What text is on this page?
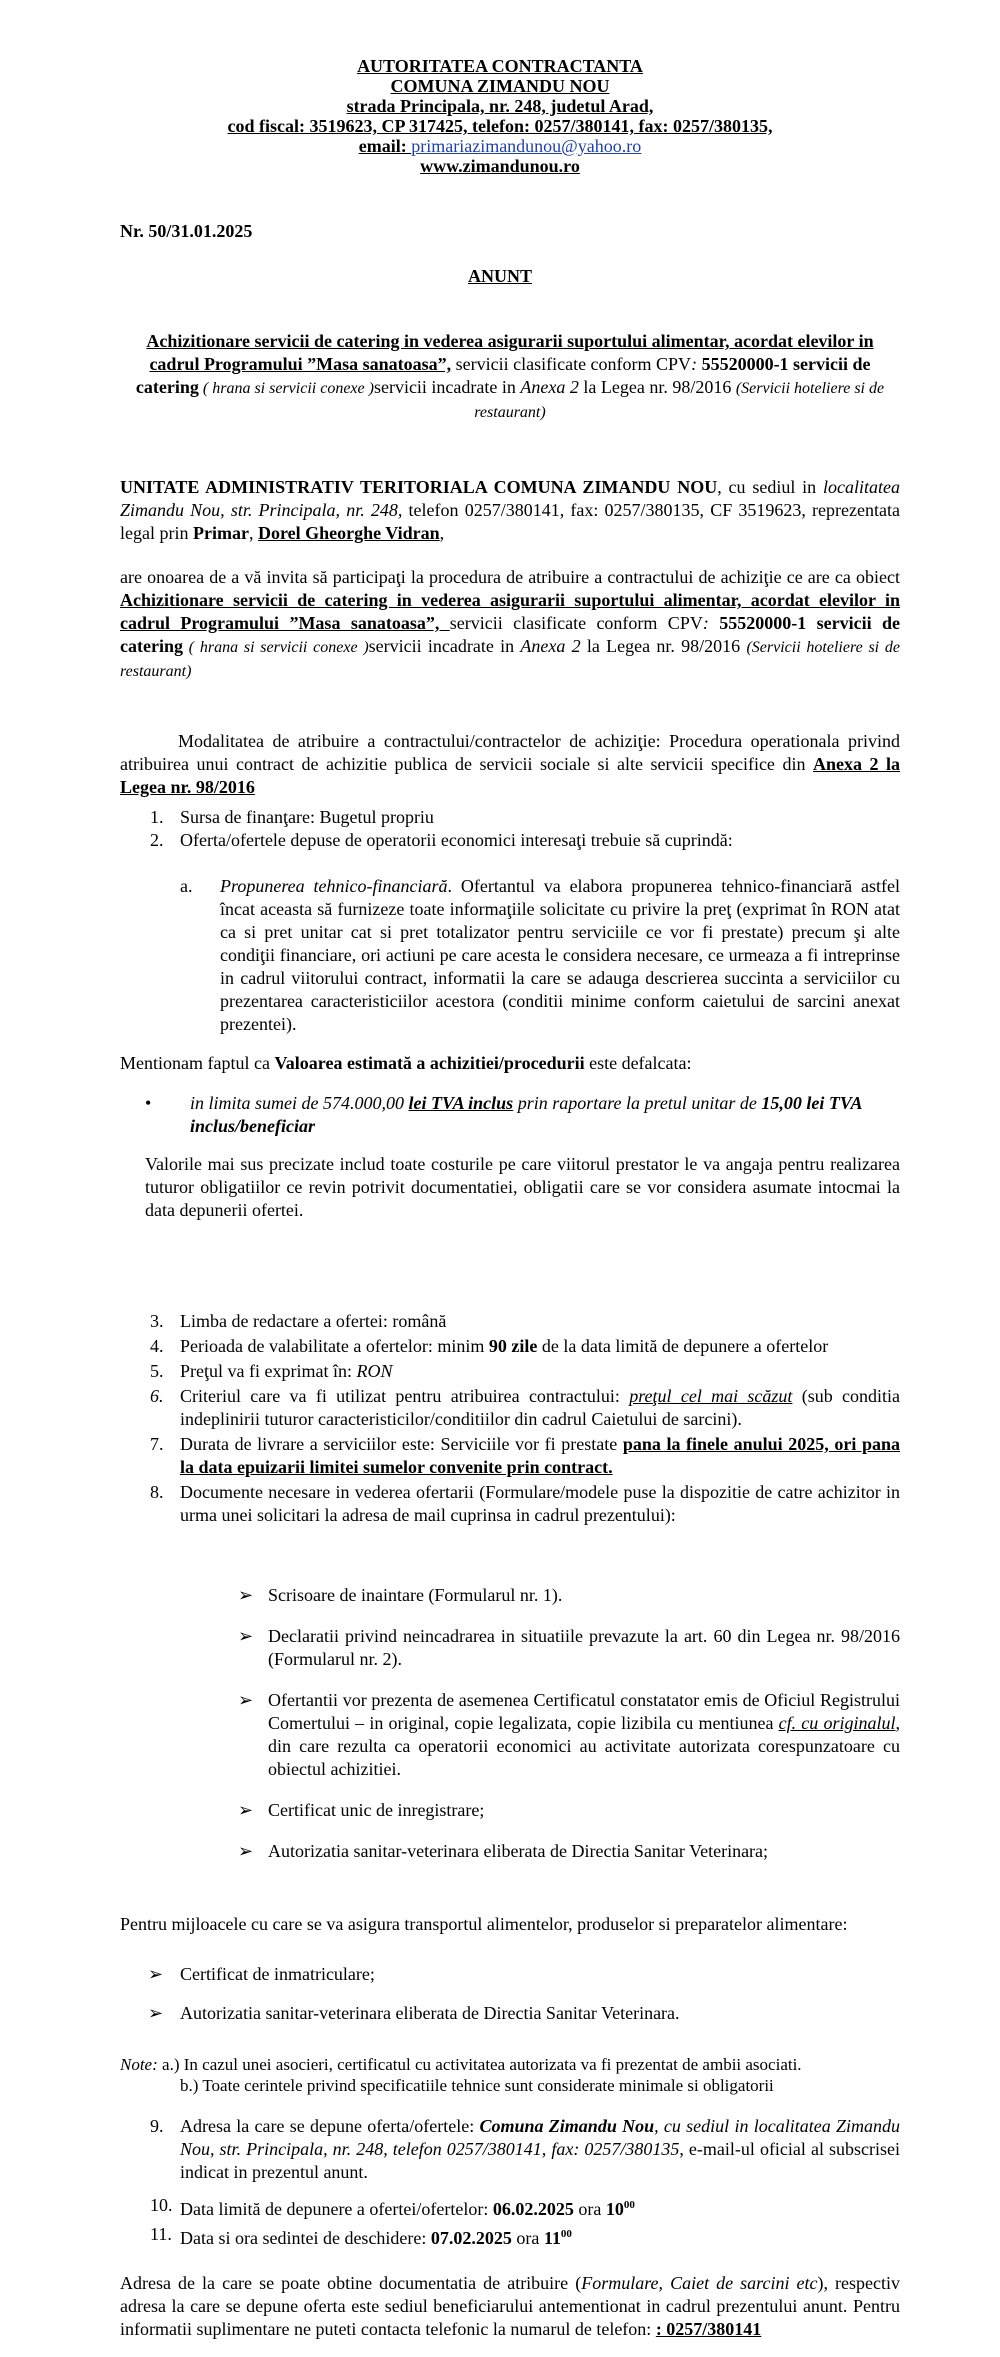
AUTORITATEA CONTRACTANTA

COMUNA ZIMANDU NOU

strada Principala, nr. 248, judetul Arad,

cod fiscal: 3519623, CP 317425, telefon: 0257/380141, fax: 0257/380135,

email: primariazimandunou@yahoo.ro

www.zimandunou.ro

Nr. 50/31.01.2025

ANUNT

Achizitionare servicii de catering in vederea asigurarii suportului alimentar, acordat elevilor in cadrul Programului ”Masa sanatoasa”, servicii clasificate conform CPV: 55520000-1 servicii de catering ( hrana si servicii conexe )servicii incadrate in Anexa 2 la Legea nr. 98/2016 (Servicii hoteliere si de restaurant)

UNITATE ADMINISTRATIV TERITORIALA COMUNA ZIMANDU NOU, cu sediul in localitatea Zimandu Nou, str. Principala, nr. 248, telefon 0257/380141, fax: 0257/380135, CF 3519623, reprezentata legal prin Primar, Dorel Gheorghe Vidran,

are onoarea de a vă invita să participaţi la procedura de atribuire a contractului de achiziţie ce are ca obiect Achizitionare servicii de catering in vederea asigurarii suportului alimentar, acordat elevilor in cadrul Programului ”Masa sanatoasa”, servicii clasificate conform CPV: 55520000-1 servicii de catering ( hrana si servicii conexe )servicii incadrate in Anexa 2 la Legea nr. 98/2016 (Servicii hoteliere si de restaurant)

Modalitatea de atribuire a contractului/contractelor de achiziţie: Procedura operationala privind atribuirea unui contract de achizitie publica de servicii sociale si alte servicii specifice din Anexa 2 la Legea nr. 98/2016

1. Sursa de finanţare: Bugetul propriu
2. Oferta/ofertele depuse de operatorii economici interesaţi trebuie să cuprindă:
a. Propunerea tehnico-financiară. Ofertantul va elabora propunerea tehnico-financiară astfel încat aceasta să furnizeze toate informaţiile solicitate cu privire la preţ (exprimat în RON atat ca si pret unitar cat si pret totalizator pentru serviciile ce vor fi prestate) precum şi alte condiţii financiare, ori actiuni pe care acesta le considera necesare, ce urmeaza a fi intreprinse in cadrul viitorului contract, informatii la care se adauga descrierea succinta a serviciilor cu prezentarea caracteristiciilor acestora (conditii minime conform caietului de sarcini anexat prezentei).

Mentionam faptul ca Valoarea estimată a achizitiei/procedurii este defalcata:

• in limita sumei de 574.000,00 lei TVA inclus prin raportare la pretul unitar de 15,00 lei TVA inclus/beneficiar

Valorile mai sus precizate includ toate costurile pe care viitorul prestator le va angaja pentru realizarea tuturor obligatiilor ce revin potrivit documentatiei, obligatii care se vor considera asumate intocmai la data depunerii ofertei.

3. Limba de redactare a ofertei: română
4. Perioada de valabilitate a ofertelor: minim 90 zile de la data limită de depunere a ofertelor
5. Preţul va fi exprimat în: RON
6. Criteriul care va fi utilizat pentru atribuirea contractului: preţul cel mai scăzut (sub conditia indeplinirii tuturor caracteristicilor/conditiilor din cadrul Caietului de sarcini).
7. Durata de livrare a serviciilor este: Serviciile vor fi prestate pana la finele anului 2025, ori pana la data epuizarii limitei sumelor convenite prin contract.
8. Documente necesare in vederea ofertarii (Formulare/modele puse la dispozitie de catre achizitor in urma unei solicitari la adresa de mail cuprinsa in cadrul prezentului):
➢ Scrisoare de inaintare (Formularul nr. 1).
➢ Declaratii privind neincadrarea in situatiile prevazute la art. 60 din Legea nr. 98/2016 (Formularul nr. 2).
➢ Ofertantii vor prezenta de asemenea Certificatul constatator emis de Oficiul Registrului Comertului – in original, copie legalizata, copie lizibila cu mentiunea cf. cu originalul, din care rezulta ca operatorii economici au activitate autorizata corespunzatoare cu obiectul achizitiei.
➢ Certificat unic de inregistrare;
➢ Autorizatia sanitar-veterinara eliberata de Directia Sanitar Veterinara;

Pentru mijloacele cu care se va asigura transportul alimentelor, produselor si preparatelor alimentare:

➢ Certificat de inmatriculare;
➢ Autorizatia sanitar-veterinara eliberata de Directia Sanitar Veterinara.

Note: a.) In cazul unei asocieri, certificatul cu activitatea autorizata va fi prezentat de ambii asociati.

b.) Toate cerintele privind specificatiile tehnice sunt considerate minimale si obligatorii

9. Adresa la care se depune oferta/ofertele: Comuna Zimandu Nou, cu sediul in localitatea Zimandu Nou, str. Principala, nr. 248, telefon 0257/380141, fax: 0257/380135, e-mail-ul oficial al subscrisei indicat in prezentul anunt.
10. Data limită de depunere a ofertei/ofertelor: 06.02.2025 ora $10^{00}$
11. Data si ora sedintei de deschidere: 07.02.2025 ora $11^{00}$

Adresa de la care se poate obtine documentatia de atribuire (Formulare, Caiet de sarcini etc), respectiv adresa la care se depune oferta este sediul beneficiarului antementionat in cadrul prezentului anunt. Pentru informatii suplimentare ne puteti contacta telefonic la numarul de telefon: : 0257/380141
